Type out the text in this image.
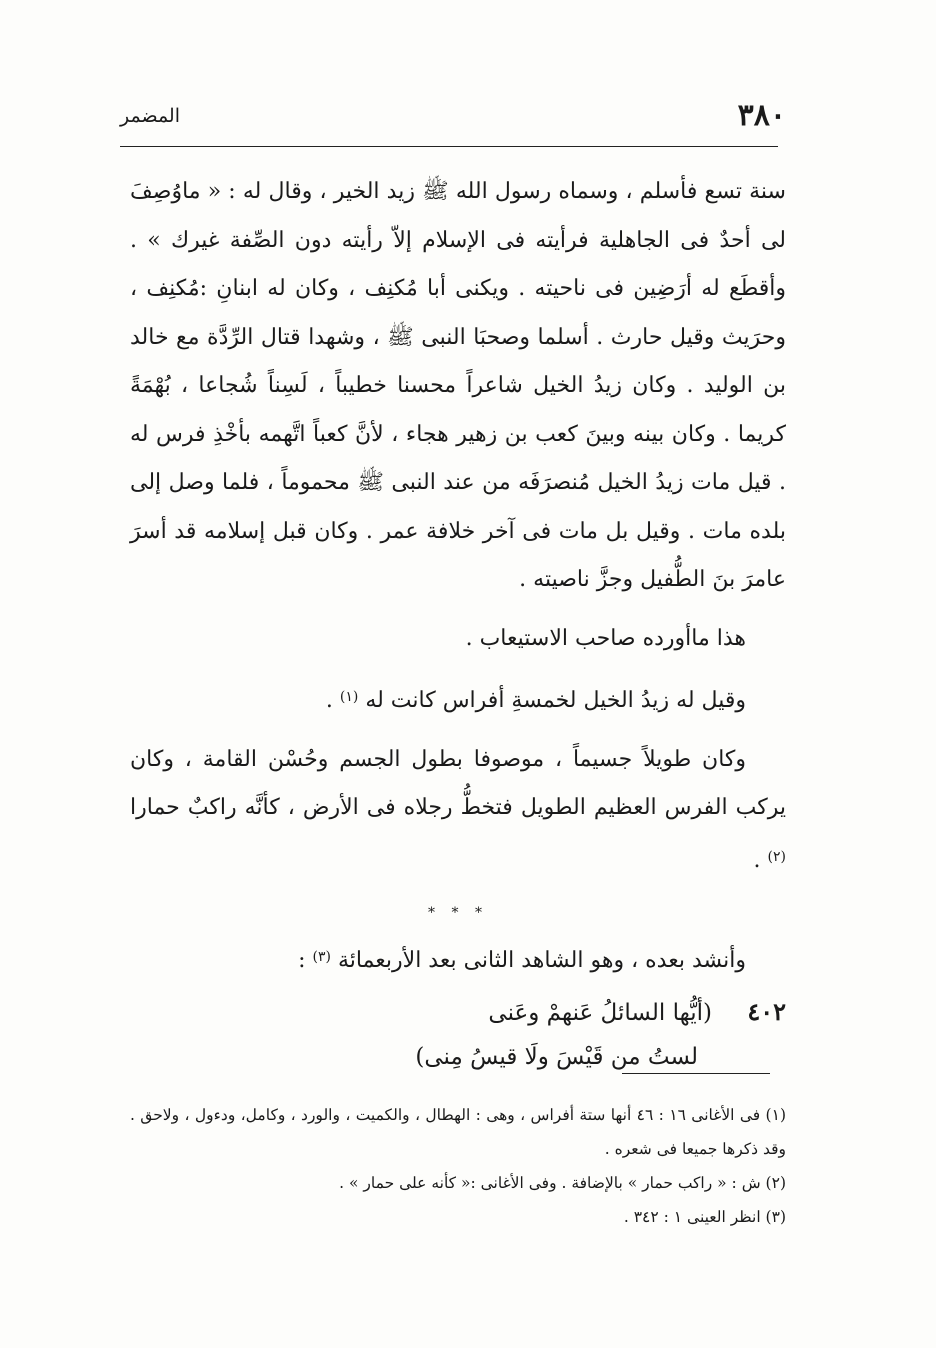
٣٨٠
المضمر

سنة تسع فأسلم ، وسماه رسول الله ﷺ زيد الخير ، وقال له : « ماوُصِفَ لى أحدٌ فى الجاهلية فرأيته فى الإسلام إلاّ رأيته دون الصِّفة غيرك » . وأقطَع له أرَضِين فى ناحيته . ويكنى أبا مُكنِف ، وكان له ابنانِ :مُكنِف ، وحرَيث وقيل حارث . أسلما وصحبَا النبى ﷺ ، وشهدا قتال الرِّدَّة مع خالد بن الوليد . وكان زيدُ الخيل شاعراً محسنا خطيباً ، لَسِناً شُجاعا ، بُهْمَةً كريما . وكان بينه وبينَ كعب بن زهير هجاء ، لأنَّ كعباً اتَّهمه بأخْذِ فرس له . قيل مات زيدُ الخيل مُنصرَفَه من عند النبى ﷺ محموماً ، فلما وصل إلى بلده مات . وقيل بل مات فى آخر خلافة عمر . وكان قبل إسلامه قد أسرَ عامرَ بنَ الطُّفيل وجزَّ ناصيته .

هذا ماأورده صاحب الاستيعاب .

وقيل له زيدُ الخيل لخمسةِ أفراس كانت له $^{(١)}$ .

وكان طويلاً جسيماً ، موصوفا بطول الجسم وحُسْن القامة ، وكان يركب الفرس العظيم الطويل فتخطُّ رجلاه فى الأرض ، كأنَّه راكبٌ حمارا $^{(٢)}$ .

* * *

وأنشد بعده ، وهو الشاهد الثانى بعد الأربعمائة $^{(٣)}$ :

٤٠٢(أيُّها السائلُ عَنهمْ وعَنى
لستُ من قَيْسَ ولَا قيسُ مِنى)

(١) فى الأغانى ١٦ : ٤٦ أنها ستة أفراس ، وهى : الهطال ، والكميت ، والورد ، وكامل، ودءول ، ولاحق . وقد ذكرها جميعا فى شعره .

(٢) ش : « راكب حمار » بالإضافة . وفى الأغانى :« كأنه على حمار » .

(٣) انظر العينى ١ : ٣٤٢ .
